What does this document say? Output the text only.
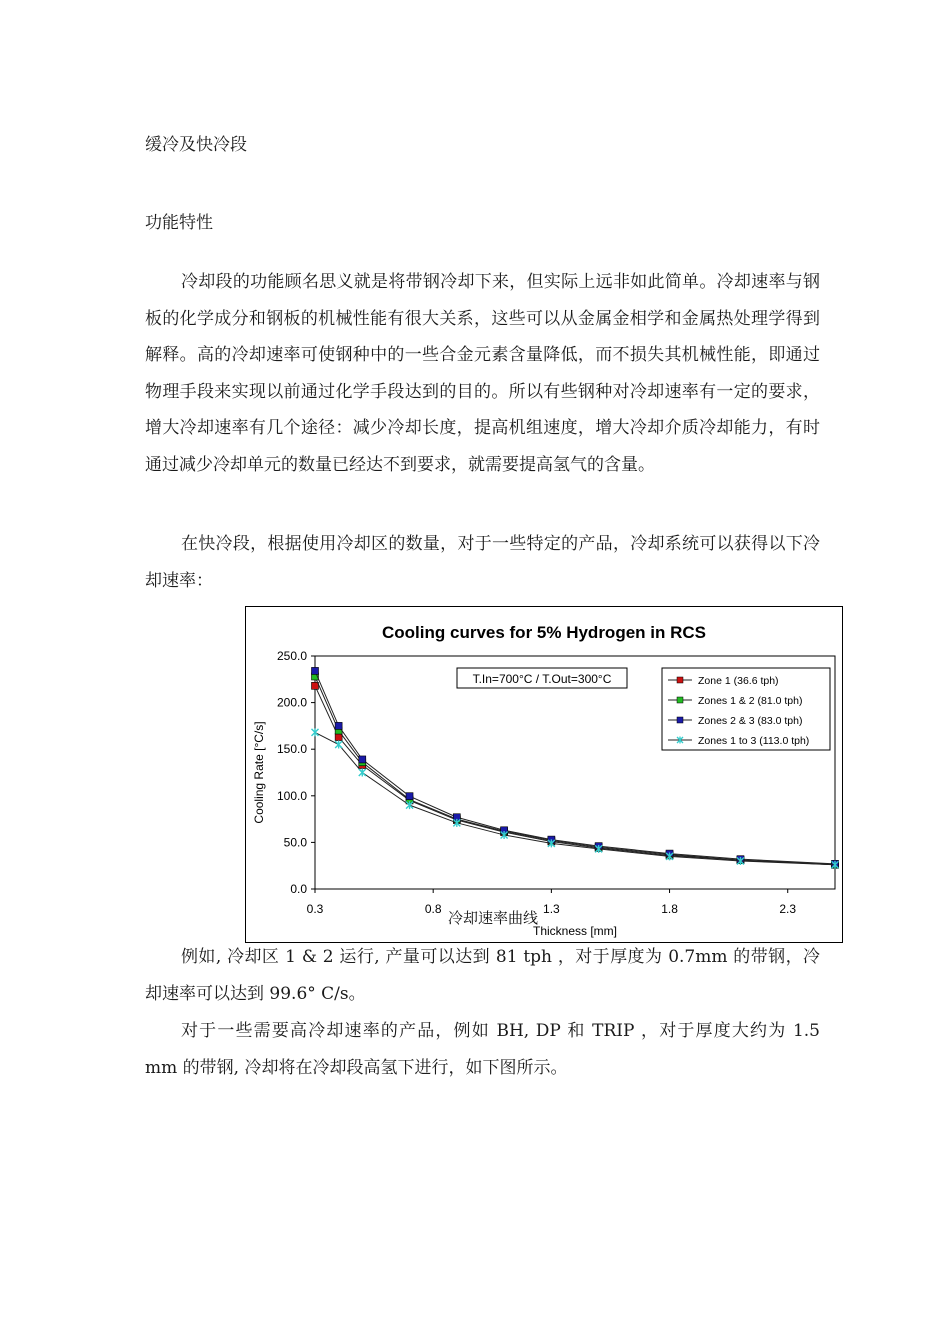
缓冷及快冷段

功能特性

冷却段的功能顾名思义就是将带钢冷却下来，但实际上远非如此简单。冷却速率与钢板的化学成分和钢板的机械性能有很大关系，这些可以从金属金相学和金属热处理学得到解释。高的冷却速率可使钢种中的一些合金元素含量降低，而不损失其机械性能，即通过物理手段来实现以前通过化学手段达到的目的。所以有些钢种对冷却速率有一定的要求，增大冷却速率有几个途径：减少冷却长度，提高机组速度，增大冷却介质冷却能力，有时通过减少冷却单元的数量已经达不到要求，就需要提高氢气的含量。

在快冷段，根据使用冷却区的数量，对于一些特定的产品，冷却系统可以获得以下冷却速率：

Cooling curves for 5% Hydrogen in RCS
0.0
50.0
100.0
150.0
200.0
250.0
0.3	0.8	1.3	1.8	2.3
Thickness [mm]
Cooling Rate [°C/s]
T.In=700°C / T.Out=300°C	Zone 1 (36.6 tph)
Zones 1 & 2 (81.0 tph)
Zones 2 & 3 (83.0 tph)
Zones 1 to 3 (113.0 tph)
冷却速率曲线

例如, 冷却区 1 & 2 运行, 产量可以达到 81 tph ，对于厚度为 0.7mm 的带钢，冷却速率可以达到 99.6° C/s。

对于一些需要高冷却速率的产品，例如 BH, DP 和 TRIP ，对于厚度大约为 1.5 mm 的带钢, 冷却将在冷却段高氢下进行，如下图所示。
